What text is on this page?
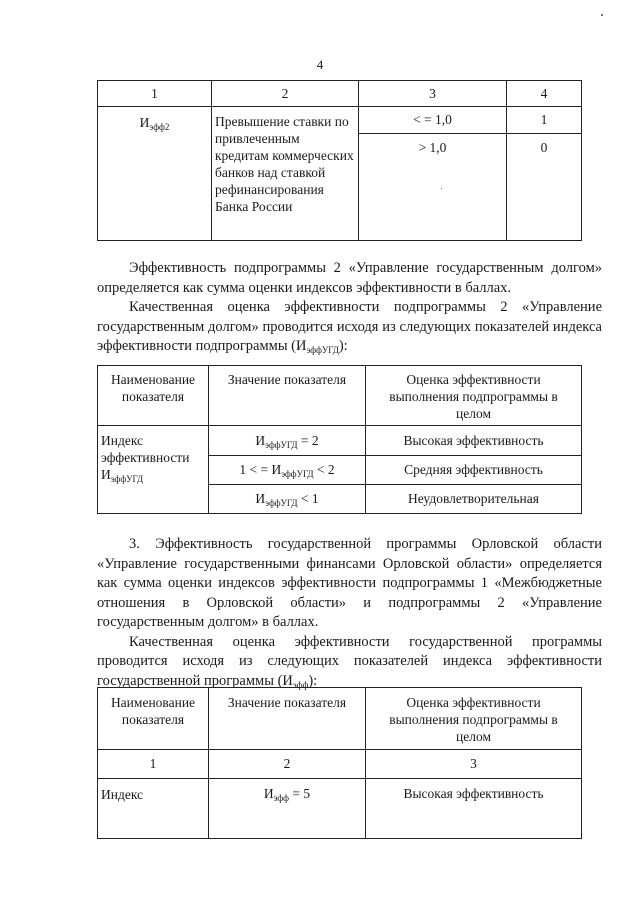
4
1	2	3	4
$И_{эфф2}$	Превышение ставки по привлеченным кредитам коммерческих банков над ставкой рефинансирования Банка России	< = 1,0	1
		> 1,0	0

Эффективность подпрограммы 2 «Управление государственным долгом» определяется как сумма оценки индексов эффективности в баллах.

Качественная оценка эффективности подпрограммы 2 «Управление государственным долгом» проводится исходя из следующих показателей индекса эффективности подпрограммы $(И_{эффУГД})$:

Наименование показателя	Значение показателя	Оценка эффективности выполнения подпрограммы в целом
Индекс эффективности $И_{эффУГД}$	$И_{эффУГД} = 2$	Высокая эффективность
	1 < = $И_{эффУГД} < 2$	Средняя эффективность
	$И_{эффУГД} < 1$	Неудовлетворительная

3. Эффективность государственной программы Орловской области «Управление государственными финансами Орловской области» определяется как сумма оценки индексов эффективности подпрограммы 1 «Межбюджетные отношения в Орловской области» и подпрограммы 2 «Управление государственным долгом» в баллах.

Качественная оценка эффективности государственной программы проводится исходя из следующих показателей индекса эффективности государственной программы $(И_{эфф})$:

Наименование показателя	Значение показателя	Оценка эффективности выполнения подпрограммы в целом
1	2	3
Индекс	$И_{эфф} = 5$	Высокая эффективность
